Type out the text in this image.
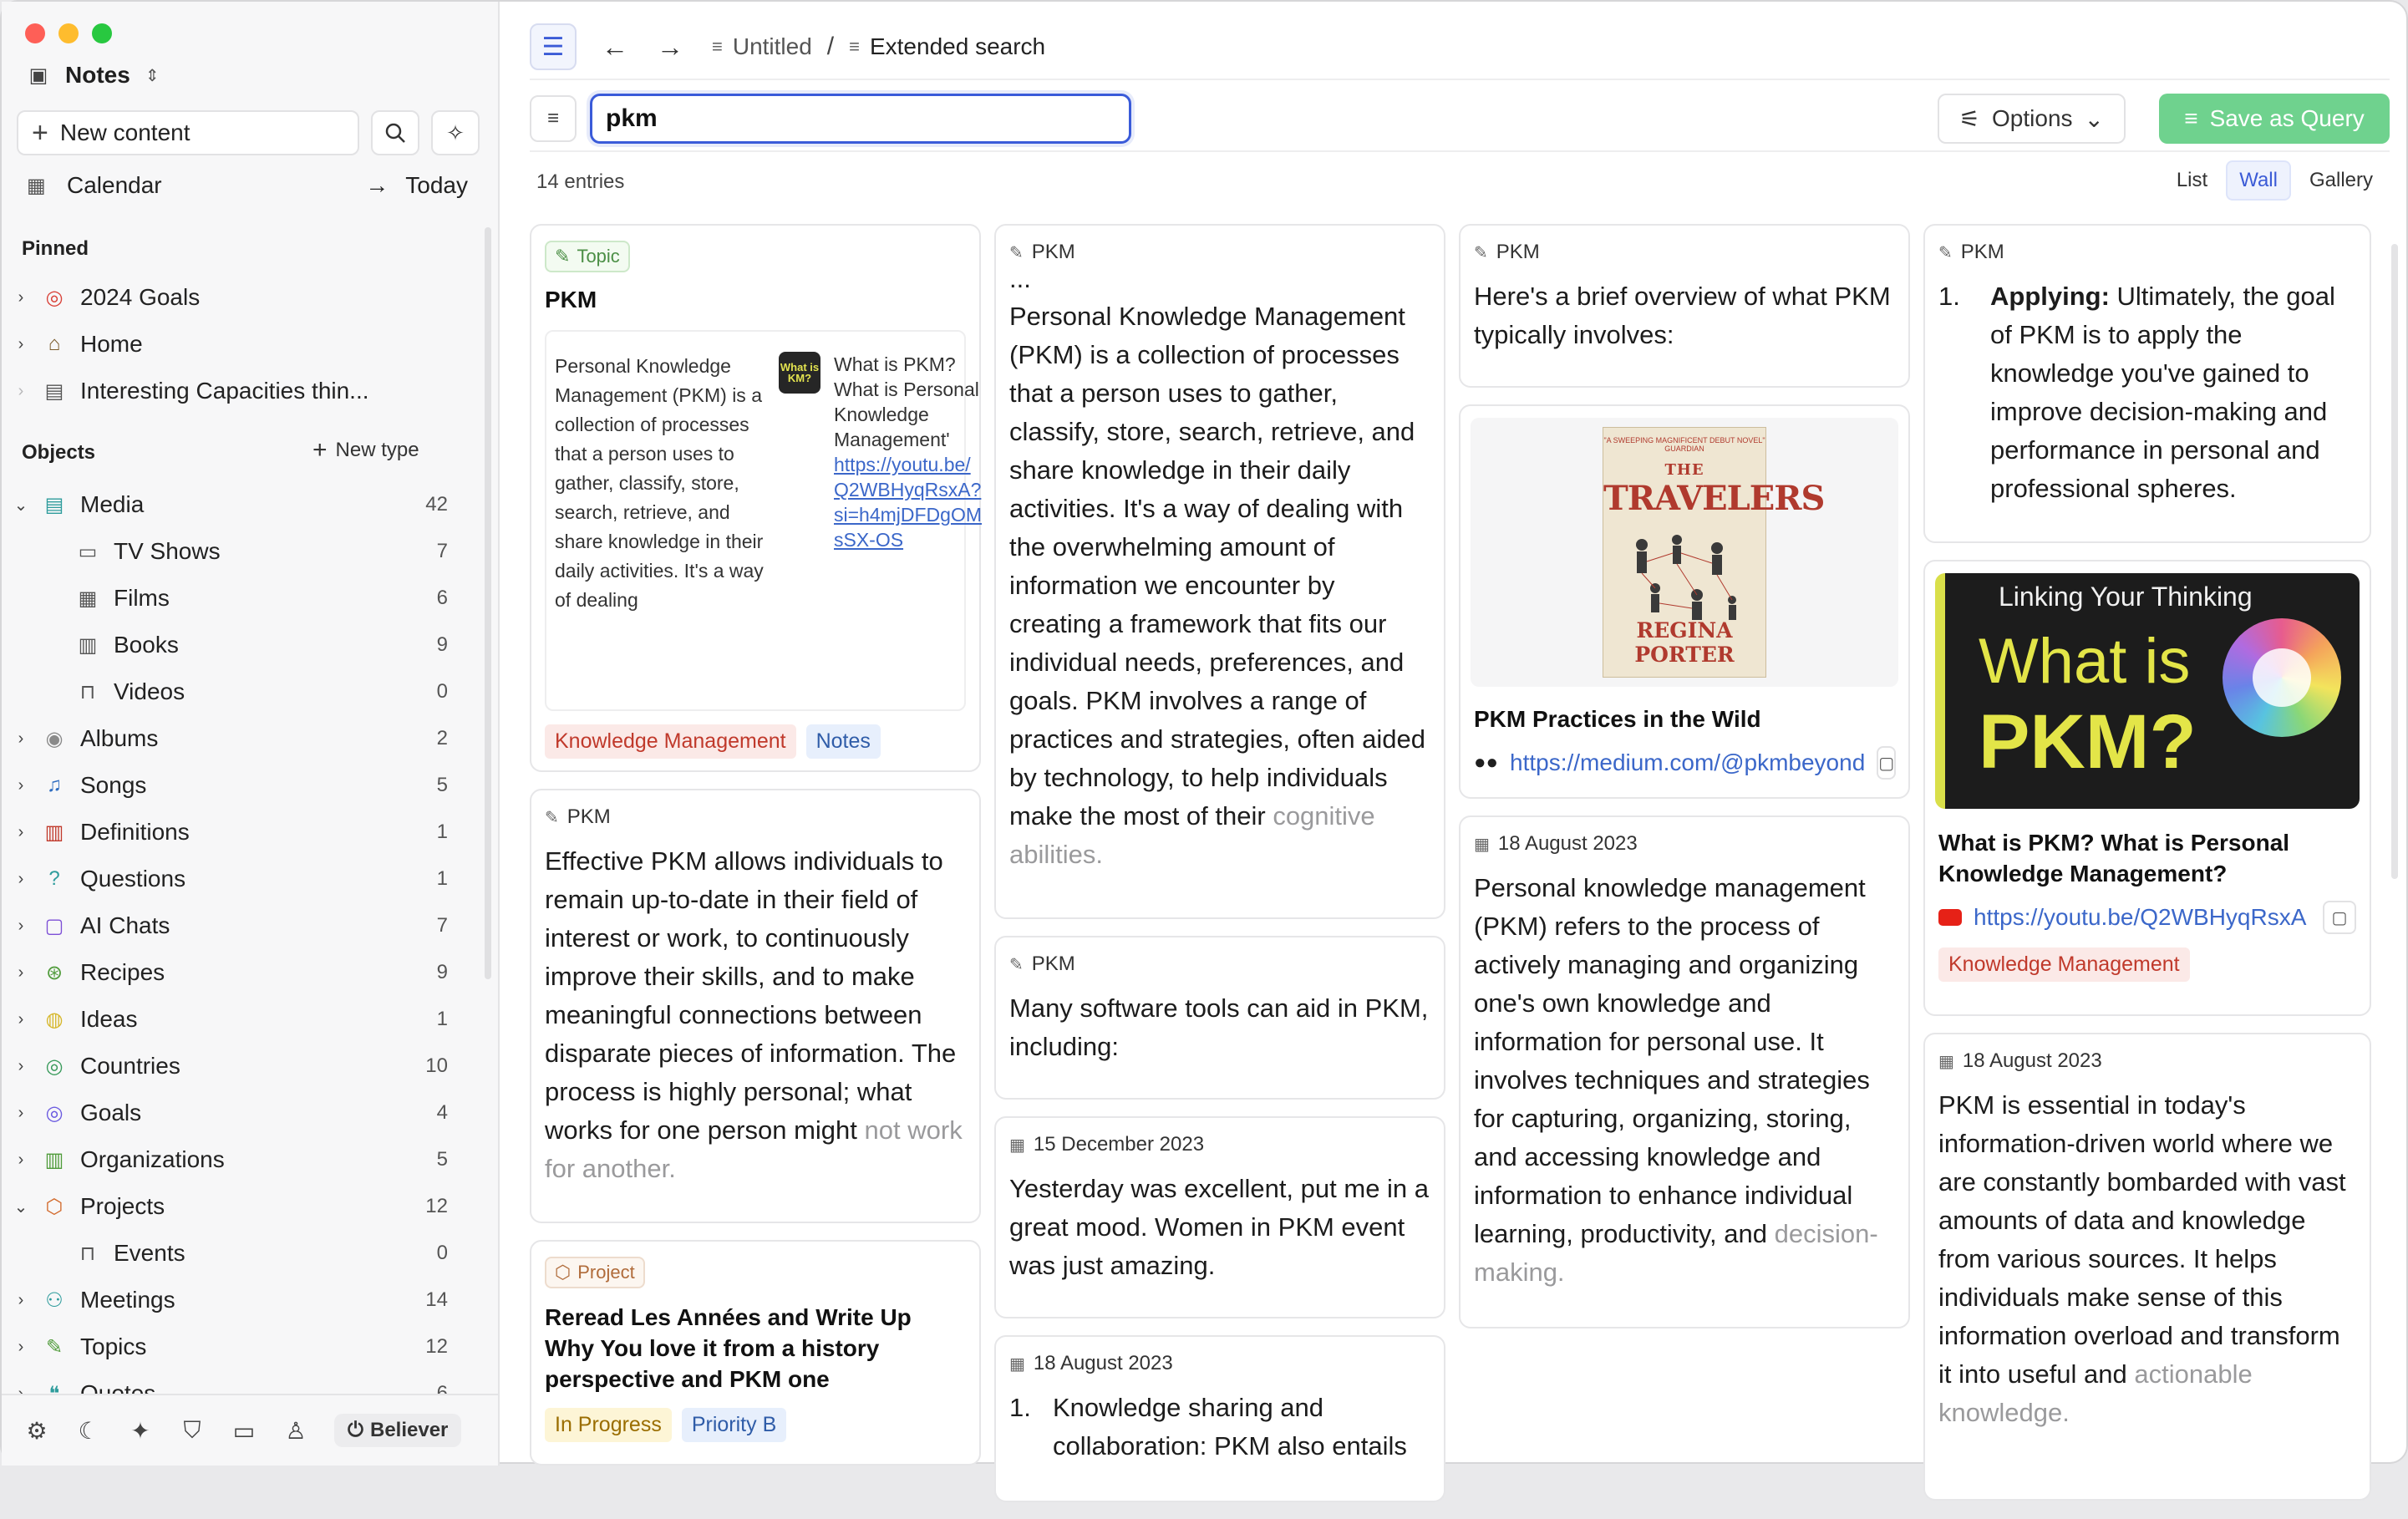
▣ Notes ⇕
+ New content	✧
▦ Calendar	→ Today
Pinned
›	◎ 2024 Goals
›	⌂ Home
›	▤ Interesting Capacities thin...
Objects	+ New type
⌄ ▤ Media	42
▭ TV Shows	7
▦ Films	6
▥ Books	9
⊓ Videos	0
›	◉ Albums	2
›	♫ Songs	5
›	▥ Definitions	1
›	? Questions	1
›	▢ AI Chats	7
›	⊛ Recipes	9
›	◍ Ideas	1
›	◎ Countries	10
›	◎ Goals	4
›	▥ Organizations	5
⌄ ⬡ Projects	12
⊓ Events	0
›	⚇ Meetings	14
›	✎ Topics	12
⚙ ☾ ✦ ⛉ ▭ ♙ ⏻ Believer
☰ ← → ≡ Untitled / ≡ Extended search
≡	pkm	⚟ Options ⌄	≡ Save as Query
14 entries	List	Wall	Gallery
✎ Topic
PKM
Personal Knowledge Management (PKM) is a collection of processes that a person uses to gather, classify, store, search, retrieve, and share knowledge in their daily activities. It's a way of dealing
What is KM?
What is PKM? What is Personal Knowledge Management'
https://youtu.be/Q2WBHyqRsxA?si=h4mjDFDgOMsSX-OS
Knowledge Management	Notes
✎ PKM
Effective PKM allows individuals to remain up-to-date in their field of interest or work, to continuously improve their skills, and to make meaningful connections between disparate pieces of information. The process is highly personal; what works for one person might not work for another.
⬡ Project
Reread Les Années and Write Up Why You love it from a history perspective and PKM one
In Progress	Priority B
✎ PKM
...
Personal Knowledge Management (PKM) is a collection of processes that a person uses to gather, classify, store, search, retrieve, and share knowledge in their daily activities. It's a way of dealing with the overwhelming amount of information we encounter by creating a framework that fits our individual needs, preferences, and goals. PKM involves a range of practices and strategies, often aided by technology, to help individuals make the most of their cognitive abilities.
✎ PKM
Many software tools can aid in PKM, including:
▦ 15 December 2023
Yesterday was excellent, put me in a great mood. Women in PKM event was just amazing.
▦ 18 August 2023
1. Knowledge sharing and collaboration: PKM also entails
✎ PKM
Here's a brief overview of what PKM typically involves:
"A SWEEPING MAGNIFICENT DEBUT NOVEL" GUARDIAN
THE
TRAVELERS
REGINA PORTER
PKM Practices in the Wild
●● https://medium.com/@pkmbeyond ▢
▦ 18 August 2023
Personal knowledge management (PKM) refers to the process of actively managing and organizing one's own knowledge and information for personal use. It involves techniques and strategies for capturing, organizing, storing, and accessing knowledge and information to enhance individual learning, productivity, and decision-making.
✎ PKM
1.	Applying: Ultimately, the goal of PKM is to apply the knowledge you've gained to improve decision-making and performance in personal and professional spheres.
Linking Your Thinking
What is
PKM?
What is PKM? What is Personal Knowledge Management?
https://youtu.be/Q2WBHyqRsxA ▢
Knowledge Management
▦ 18 August 2023
PKM is essential in today's information-driven world where we are constantly bombarded with vast amounts of data and knowledge from various sources. It helps individuals make sense of this information overload and transform it into useful and actionable knowledge.
